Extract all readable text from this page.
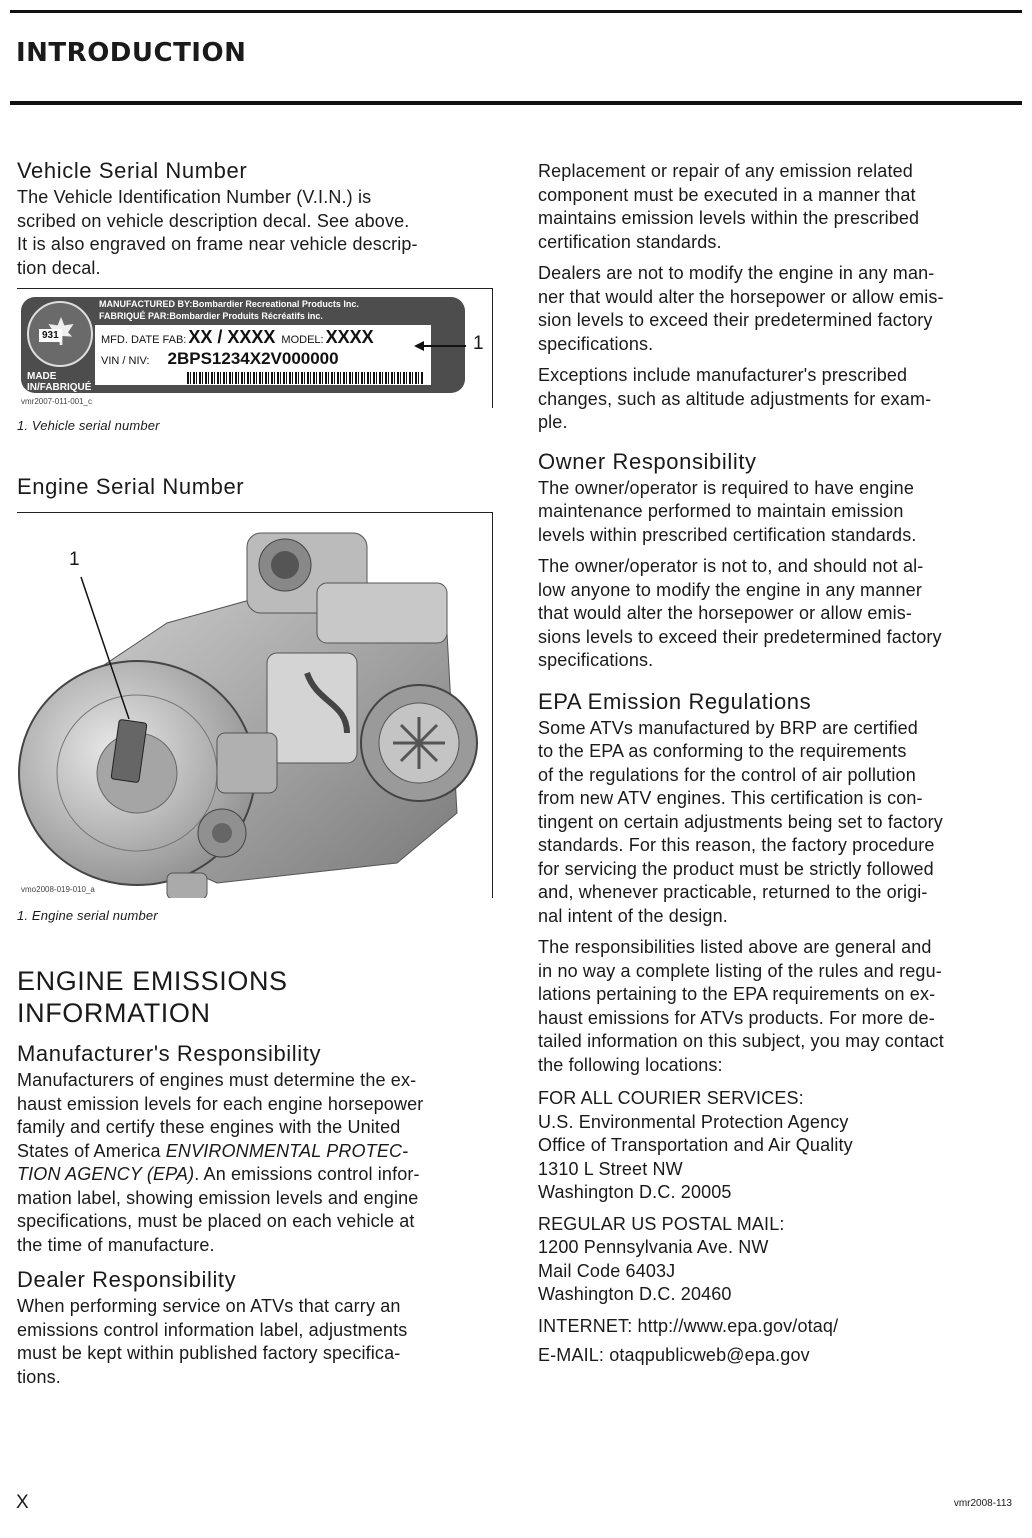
INTRODUCTION
Vehicle Serial Number

The Vehicle Identification Number (V.I.N.) is
scribed on vehicle description decal. See above.
It is also engraved on frame near vehicle descrip-
tion decal.

931
MANUFACTURED BY:Bombardier Recreational Products Inc.
FABRIQUÉ PAR:Bombardier Produits Récréatifs inc.
MFD. DATE FAB: XX / XXXX MODEL: XXXX
VIN / NIV: 2BPS1234X2V000000
MADE IN/FABRIQUÉ

1
vmr2007-011-001_c

1. Vehicle serial number

Engine Serial Number
1
vmo2008-019-010_a

1. Engine serial number

ENGINE EMISSIONS
INFORMATION
Manufacturer's Responsibility

Manufacturers of engines must determine the ex-
haust emission levels for each engine horsepower
family and certify these engines with the United
States of America ENVIRONMENTAL PROTEC-
TION AGENCY (EPA). An emissions control infor-
mation label, showing emission levels and engine
specifications, must be placed on each vehicle at
the time of manufacture.

Dealer Responsibility

When performing service on ATVs that carry an
emissions control information label, adjustments
must be kept within published factory specifica-
tions.

Replacement or repair of any emission related
component must be executed in a manner that
maintains emission levels within the prescribed
certification standards.

Dealers are not to modify the engine in any man-
ner that would alter the horsepower or allow emis-
sion levels to exceed their predetermined factory
specifications.

Exceptions include manufacturer's prescribed
changes, such as altitude adjustments for exam-
ple.

Owner Responsibility

The owner/operator is required to have engine
maintenance performed to maintain emission
levels within prescribed certification standards.

The owner/operator is not to, and should not al-
low anyone to modify the engine in any manner
that would alter the horsepower or allow emis-
sions levels to exceed their predetermined factory
specifications.

EPA Emission Regulations

Some ATVs manufactured by BRP are certified
to the EPA as conforming to the requirements
of the regulations for the control of air pollution
from new ATV engines. This certification is con-
tingent on certain adjustments being set to factory
standards. For this reason, the factory procedure
for servicing the product must be strictly followed
and, whenever practicable, returned to the origi-
nal intent of the design.

The responsibilities listed above are general and
in no way a complete listing of the rules and regu-
lations pertaining to the EPA requirements on ex-
haust emissions for ATVs products. For more de-
tailed information on this subject, you may contact
the following locations:

FOR ALL COURIER SERVICES:
U.S. Environmental Protection Agency
Office of Transportation and Air Quality
1310 L Street NW
Washington D.C. 20005
REGULAR US POSTAL MAIL:
1200 Pennsylvania Ave. NW
Mail Code 6403J
Washington D.C. 20460
INTERNET: http://www.epa.gov/otaq/
E-MAIL: otaqpublicweb@epa.gov
X	vmr2008-113
